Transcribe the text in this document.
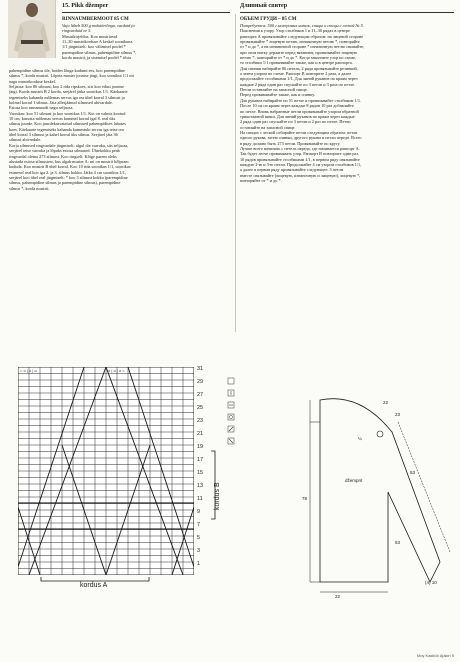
15. Pikk džemper	Длинный свитер

RINNAÜMBERMÕÕT 85 CM

Vaja läheb 500 g mohääriõnga, vardaid ja

ringvardaid nr 5.

Mustrikirjeldus. Koo mustriread

11–30 mustrikorduse A keskel soonikuna

1/1 järgmiselt: koo välimisel poolel *

parempidine silmus, pahempidine silmus *,

korda mustrit, ja sisemisel poolel * tõsta

pahempidine silmus üle, hoides lõnga kudumi ees, koo parempidine

silmus *, korda mustrit. Lõpeta muster joonise järgi, koo soonikut 1/1 nii

nagu mustrikorduse keskel.

Seljaosa: koo 86 silmust, koo 2 rida ripskoes, siis koo edasi joonise

järgi. Korda mustrit B 2 korda, seejärel jätka soonikus 1/1. Käekaarte

tegemiseks kahanda mõlemas servas iga rea ühel korral 3 silmust ja

kolmel korral 1 silmus. Jäta allesjäänud silmused abivardale.

Esiosa koo samamoodi nagu seljaosa.

Varrukas: koo 51 silmust ja koo soonikus 1/1. Kui on valmis kootud

10 cm, kasvata mõlemas servas kummel korral igal 8. real üks

silmus juurde. Koo juurdekasvatatud silmused pahempidises labases

koes. Käekaarte tegemiseks kahanda kummaski servas iga teise rea

ühel korral 3 silmust ja kahel korral üks silmus. Seejärel jäta 36

silmust abivardale.

Korja silmused ringvardale järgmiselt: algul tõe varruka, siis seljaosa,

seejärel teise varruka ja lõpuks esiosa silmused. Ühtekokku peab

ringvardal olema 273 silmust. Koo ringselt. Kõige parem oleks

alustada esiosa silmustest, kus algab muster A: mi on mustrit hõlpsam

kududa. Koo mustrit B ühel korral. Koo 10 rida soonikus 1/1, soonikus

esimesel real koo iga 2. ja 3. silmus kokku. Jätka 4 cm soonikus 1/1,

seejärel koo ühel real järgmiselt: * koo 3 silmust kokku (parempidine

silmus, pahempidine silmus ja parempidine silmus), parempidine

silmus *, korda mustrit.

ОБЪЕМ ГРУДИ – 85 СМ

Потребуется: 500 г мохеровых ниток, спицы и спицы с леской № 5.

Пояснения к узору. Узор столбиков 1 и 11–30 рядах в центре

раппорта А провязывайте следующим образом: на лицевой стороне

провязывайте * лицевую петлю, изнаночную петлю *, повторяйте

от * и до *, а на изнаночной стороне * изнаночную петлю снимайте,

при этом нитку держите перед вязанием, провязывайте лицевую

петлю *, повторяйте от * и до *. Когда закончите узор по схеме,

то столбики 1/1 провязывайте также, как и в центре раппорта.

Для спинки набирайте 86 петель, 2 ряда провязывайте резинкой,

а затем узором по схеме. Раппорт В повторите 2 раза, а далее

продолжайте столбиками 1/1. Для линий рукавов по краям через

каждые 2 ряда один раз спускайте по 3 петли и 3 раза по петле.

Петли оставляйте на запасной спице.

Перед провязывайте также, как и спинку.

Для рукавов набирайте по 51 петле и провязывайте столбиком 1/1.

После 10 см по краям через каждые 8 рядов 10 раз добавляйте

по петле. Вновь набранные петли провязывайте узором обратной

трикотажной вязки. Для линий рукавов по краям через каждые

2 ряда один раз спускайте по 3 петли и 2 раз по петле. Петли

оставляйте на запасной спице.

На спицах с леской собирайте петли следующим образом: петли

одного рукава, затем спинки, другого рукава и петли переда. Всего

в ряду должно быть 273 петли. Провязывайте по кругу.

Лучше всего начинать с петель переда, где начинается раппорт А.

Так будет легче провязывать узор. Раппорт В повторите один раз.

10 рядов провязывайте столбиками 1/1, в первом ряду связывайте

каждую 2-ю и 3-ю петли. Продолжайте 4 см узором столбиков 1/1,

а далее в первом ряду провязывайте следующее: 3 петли

вместе связывайте (лицевую, изнаночную и лицевую), лицевую *,

повторяйте от * и до *.

= o | o | o	o | o | o =	31
29
27
25
23
21
19
17
15
13
11
9
7
5
3
1
kordus B
kordus A
¼
džemprit
22
23
53
53
78
22
(4) 10
Moy Kasitöö Ajakiri 5
